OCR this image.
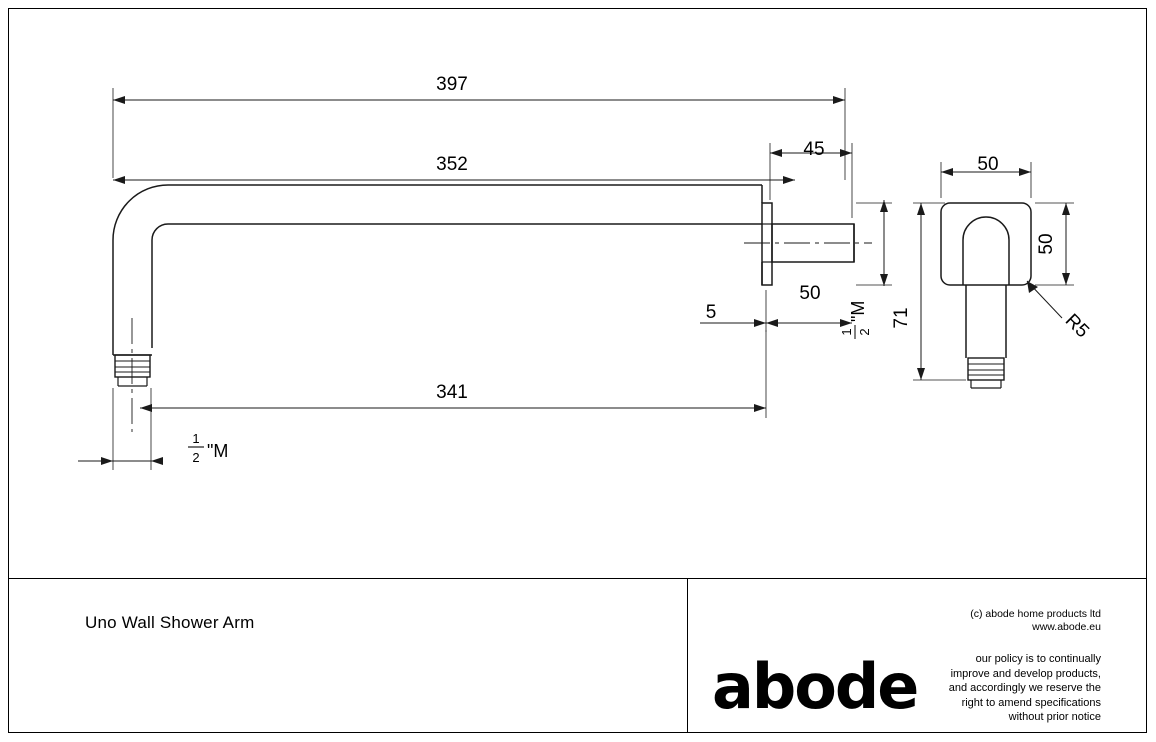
397
352
45
50
5
341
50
50
71	R5
1 2
"M
1
2 "M
Uno Wall Shower Arm
abode
(c) abode home products ltd
www.abode.eu
our policy is to continually
improve and develop products,
and accordingly we reserve the
right to amend specifications
without prior notice
